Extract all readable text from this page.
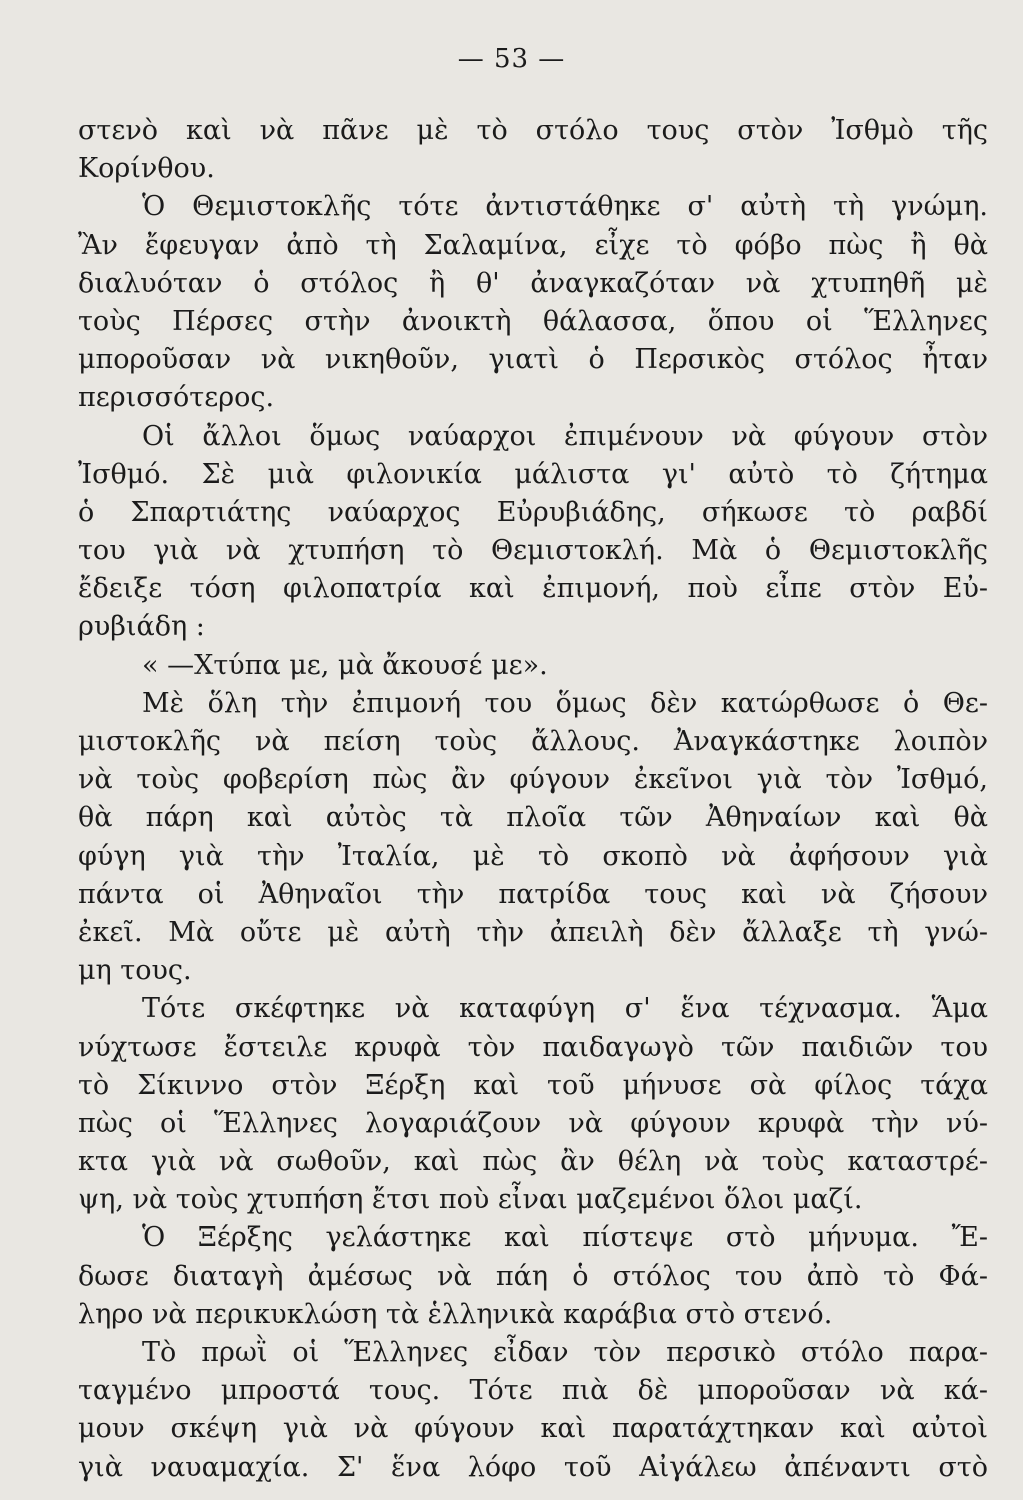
— 53 —
στενὸ καὶ νὰ πᾶνε μὲ τὸ στόλο τους στὸν Ἰσθμὸ τῆς
Κορίνθου.
Ὁ Θεμιστοκλῆς τότε ἀντιστάθηκε σ' αὐτὴ τὴ γνώμη.
Ἂν ἔφευγαν ἀπὸ τὴ Σαλαμίνα, εἶχε τὸ φόβο πὼς ἢ θὰ
διαλυόταν ὁ στόλος ἢ θ' ἀναγκαζόταν νὰ χτυπηθῆ μὲ
τοὺς Πέρσες στὴν ἀνοικτὴ θάλασσα, ὅπου οἱ Ἕλληνες
μποροῦσαν νὰ νικηθοῦν, γιατὶ ὁ Περσικὸς στόλος ἦταν
περισσότερος.
Οἱ ἄλλοι ὅμως ναύαρχοι ἐπιμένουν νὰ φύγουν στὸν
Ἰσθμό. Σὲ μιὰ φιλονικία μάλιστα γι' αὐτὸ τὸ ζήτημα
ὁ Σπαρτιάτης ναύαρχος Εὐρυβιάδης, σήκωσε τὸ ραβδί
του γιὰ νὰ χτυπήση τὸ Θεμιστοκλή. Μὰ ὁ Θεμιστοκλῆς
ἔδειξε τόση φιλοπατρία καὶ ἐπιμονή, ποὺ εἶπε στὸν Εὐ-
ρυβιάδη :
« —Χτύπα με, μὰ ἄκουσέ με».
Μὲ ὅλη τὴν ἐπιμονή του ὅμως δὲν κατώρθωσε ὁ Θε-
μιστοκλῆς νὰ πείση τοὺς ἄλλους. Ἀναγκάστηκε λοιπὸν
νὰ τοὺς φοβερίση πὼς ἂν φύγουν ἐκεῖνοι γιὰ τὸν Ἰσθμό,
θὰ πάρη καὶ αὐτὸς τὰ πλοῖα τῶν Ἀθηναίων καὶ θὰ
φύγη γιὰ τὴν Ἰταλία, μὲ τὸ σκοπὸ νὰ ἀφήσουν γιὰ
πάντα οἱ Ἀθηναῖοι τὴν πατρίδα τους καὶ νὰ ζήσουν
ἐκεῖ. Μὰ οὔτε μὲ αὐτὴ τὴν ἀπειλὴ δὲν ἄλλαξε τὴ γνώ-
μη τους.
Τότε σκέφτηκε νὰ καταφύγη σ' ἕνα τέχνασμα. Ἅμα
νύχτωσε ἔστειλε κρυφὰ τὸν παιδαγωγὸ τῶν παιδιῶν του
τὸ Σίκιννο στὸν Ξέρξη καὶ τοῦ μήνυσε σὰ φίλος τάχα
πὼς οἱ Ἕλληνες λογαριάζουν νὰ φύγουν κρυφὰ τὴν νύ-
κτα γιὰ νὰ σωθοῦν, καὶ πὼς ἂν θέλη νὰ τοὺς καταστρέ-
ψη, νὰ τοὺς χτυπήση ἔτσι ποὺ εἶναι μαζεμένοι ὅλοι μαζί.
Ὁ Ξέρξης γελάστηκε καὶ πίστεψε στὸ μήνυμα. Ἔ-
δωσε διαταγὴ ἀμέσως νὰ πάη ὁ στόλος του ἀπὸ τὸ Φά-
ληρο νὰ περικυκλώση τὰ ἑλληνικὰ καράβια στὸ στενό.
Τὸ πρωῒ οἱ Ἕλληνες εἶδαν τὸν περσικὸ στόλο παρα-
ταγμένο μπροστά τους. Τότε πιὰ δὲ μποροῦσαν νὰ κά-
μουν σκέψη γιὰ νὰ φύγουν καὶ παρατάχτηκαν καὶ αὐτοὶ
γιὰ ναυαμαχία. Σ' ἕνα λόφο τοῦ Αἰγάλεω ἀπέναντι στὸ
